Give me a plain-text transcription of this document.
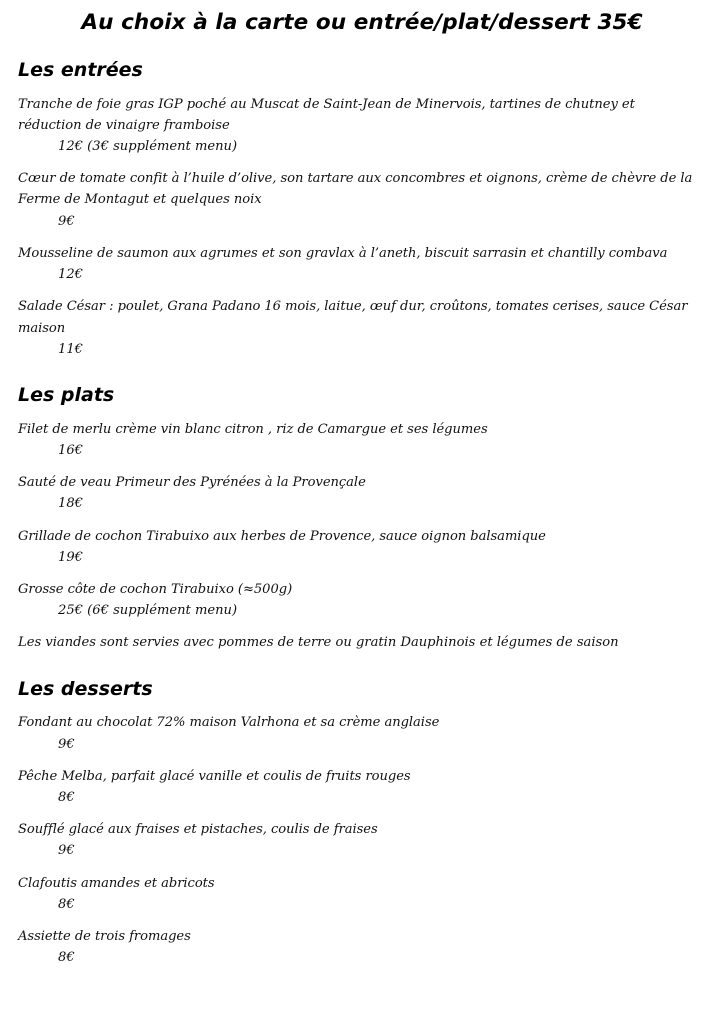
Au choix à la carte ou entrée/plat/dessert 35€
Les entrées

Tranche de foie gras IGP poché au Muscat de Saint-Jean de Minervois, tartines de chutney et réduction de vinaigre framboise

12€ (3€ supplément menu)

Cœur de tomate confit à l’huile d’olive, son tartare aux concombres et oignons, crème de chèvre de la Ferme de Montagut et quelques noix

9€

Mousseline de saumon aux agrumes et son gravlax à l’aneth, biscuit sarrasin et chantilly combava

12€

Salade César : poulet, Grana Padano 16 mois, laitue, œuf dur, croûtons, tomates cerises, sauce César maison

11€

Les plats

Filet de merlu crème vin blanc citron , riz de Camargue et ses légumes

16€

Sauté de veau Primeur des Pyrénées à la Provençale

18€

Grillade de cochon Tirabuixo aux herbes de Provence, sauce oignon balsamique

19€

Grosse côte de cochon Tirabuixo (≈500g)

25€ (6€ supplément menu)

Les viandes sont servies avec pommes de terre ou gratin Dauphinois et légumes de saison

Les desserts

Fondant au chocolat 72% maison Valrhona et sa crème anglaise

9€

Pêche Melba, parfait glacé vanille et coulis de fruits rouges

8€

Soufflé glacé aux fraises et pistaches, coulis de fraises

9€

Clafoutis amandes et abricots

8€

Assiette de trois fromages

8€
